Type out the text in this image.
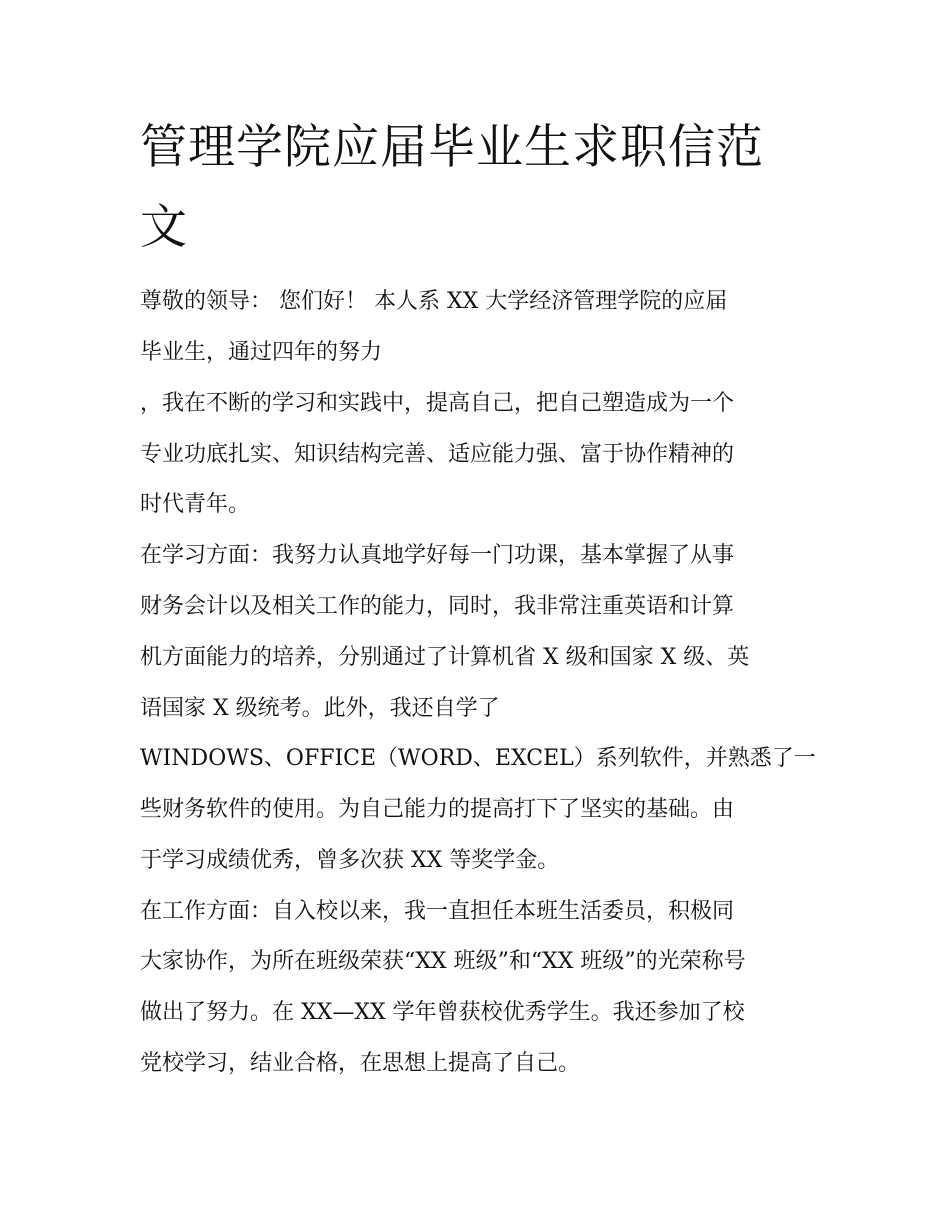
管理学院应届毕业生求职信范
文

尊敬的领导： 您们好！ 本人系 XX 大学经济管理学院的应届

毕业生，通过四年的努力

，我在不断的学习和实践中，提高自己，把自己塑造成为一个

专业功底扎实、知识结构完善、适应能力强、富于协作精神的

时代青年。

在学习方面：我努力认真地学好每一门功课，基本掌握了从事

财务会计以及相关工作的能力，同时，我非常注重英语和计算

机方面能力的培养，分别通过了计算机省 X 级和国家 X 级、英

语国家 X 级统考。此外，我还自学了

WINDOWS、OFFICE（WORD、EXCEL）系列软件，并熟悉了一

些财务软件的使用。为自己能力的提高打下了坚实的基础。由

于学习成绩优秀，曾多次获 XX 等奖学金。

在工作方面：自入校以来，我一直担任本班生活委员，积极同

大家协作，为所在班级荣获“XX 班级”和“XX 班级”的光荣称号

做出了努力。在 XX—XX 学年曾获校优秀学生。我还参加了校

党校学习，结业合格，在思想上提高了自己。
